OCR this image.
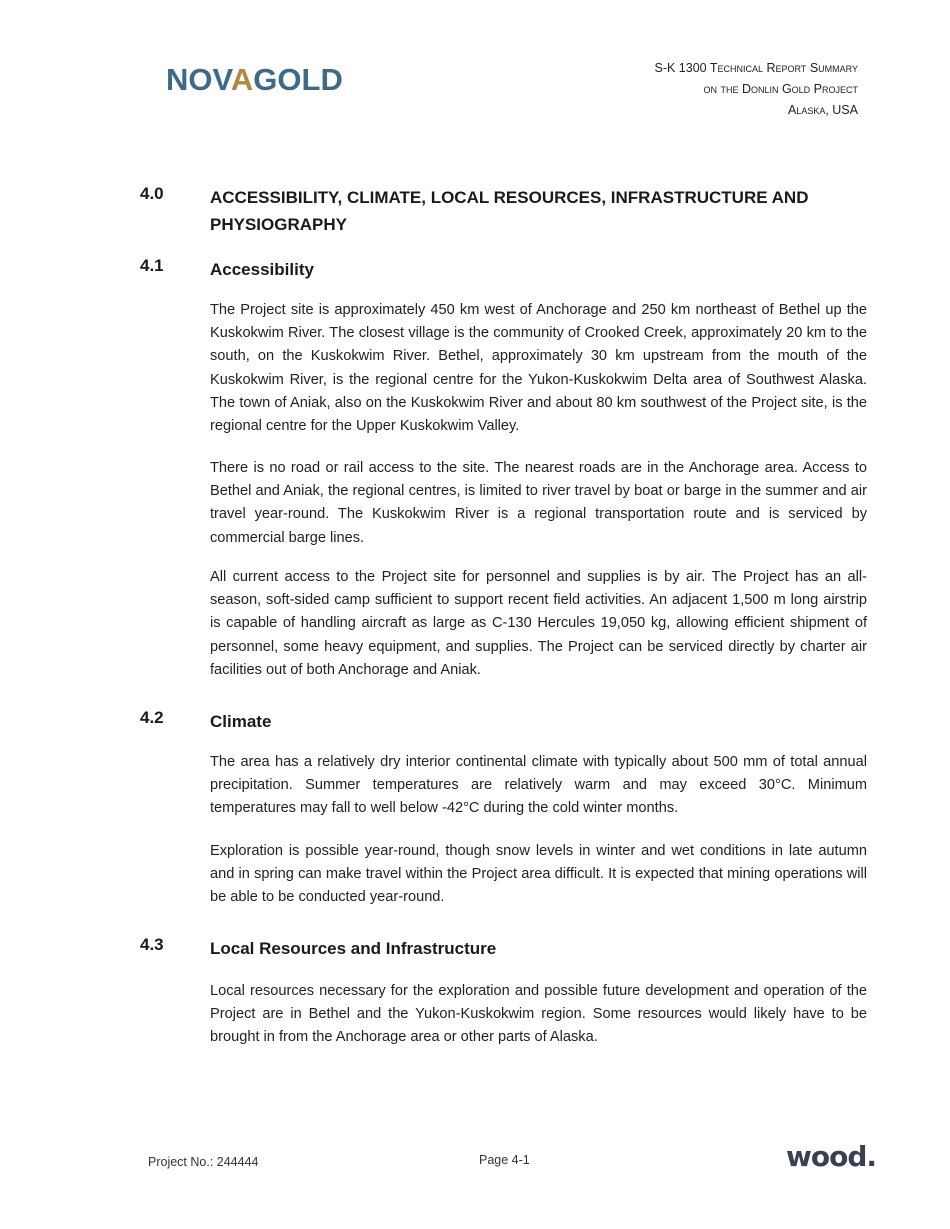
NOVAGOLD	S-K 1300 Technical Report Summary
on the Donlin Gold Project
Alaska, USA
4.0	ACCESSIBILITY, CLIMATE, LOCAL RESOURCES, INFRASTRUCTURE AND PHYSIOGRAPHY
4.1	Accessibility

The Project site is approximately 450 km west of Anchorage and 250 km northeast of Bethel up the Kuskokwim River. The closest village is the community of Crooked Creek, approximately 20 km to the south, on the Kuskokwim River. Bethel, approximately 30 km upstream from the mouth of the Kuskokwim River, is the regional centre for the Yukon-Kuskokwim Delta area of Southwest Alaska. The town of Aniak, also on the Kuskokwim River and about 80 km southwest of the Project site, is the regional centre for the Upper Kuskokwim Valley.

There is no road or rail access to the site. The nearest roads are in the Anchorage area. Access to Bethel and Aniak, the regional centres, is limited to river travel by boat or barge in the summer and air travel year-round. The Kuskokwim River is a regional transportation route and is serviced by commercial barge lines.

All current access to the Project site for personnel and supplies is by air. The Project has an all-season, soft-sided camp sufficient to support recent field activities. An adjacent 1,500 m long airstrip is capable of handling aircraft as large as C-130 Hercules 19,050 kg, allowing efficient shipment of personnel, some heavy equipment, and supplies. The Project can be serviced directly by charter air facilities out of both Anchorage and Aniak.

4.2	Climate

The area has a relatively dry interior continental climate with typically about 500 mm of total annual precipitation. Summer temperatures are relatively warm and may exceed 30°C. Minimum temperatures may fall to well below -42°C during the cold winter months.

Exploration is possible year-round, though snow levels in winter and wet conditions in late autumn and in spring can make travel within the Project area difficult. It is expected that mining operations will be able to be conducted year-round.

4.3	Local Resources and Infrastructure

Local resources necessary for the exploration and possible future development and operation of the Project are in Bethel and the Yukon-Kuskokwim region. Some resources would likely have to be brought in from the Anchorage area or other parts of Alaska.

Project No.: 244444	Page 4-1	wood.
